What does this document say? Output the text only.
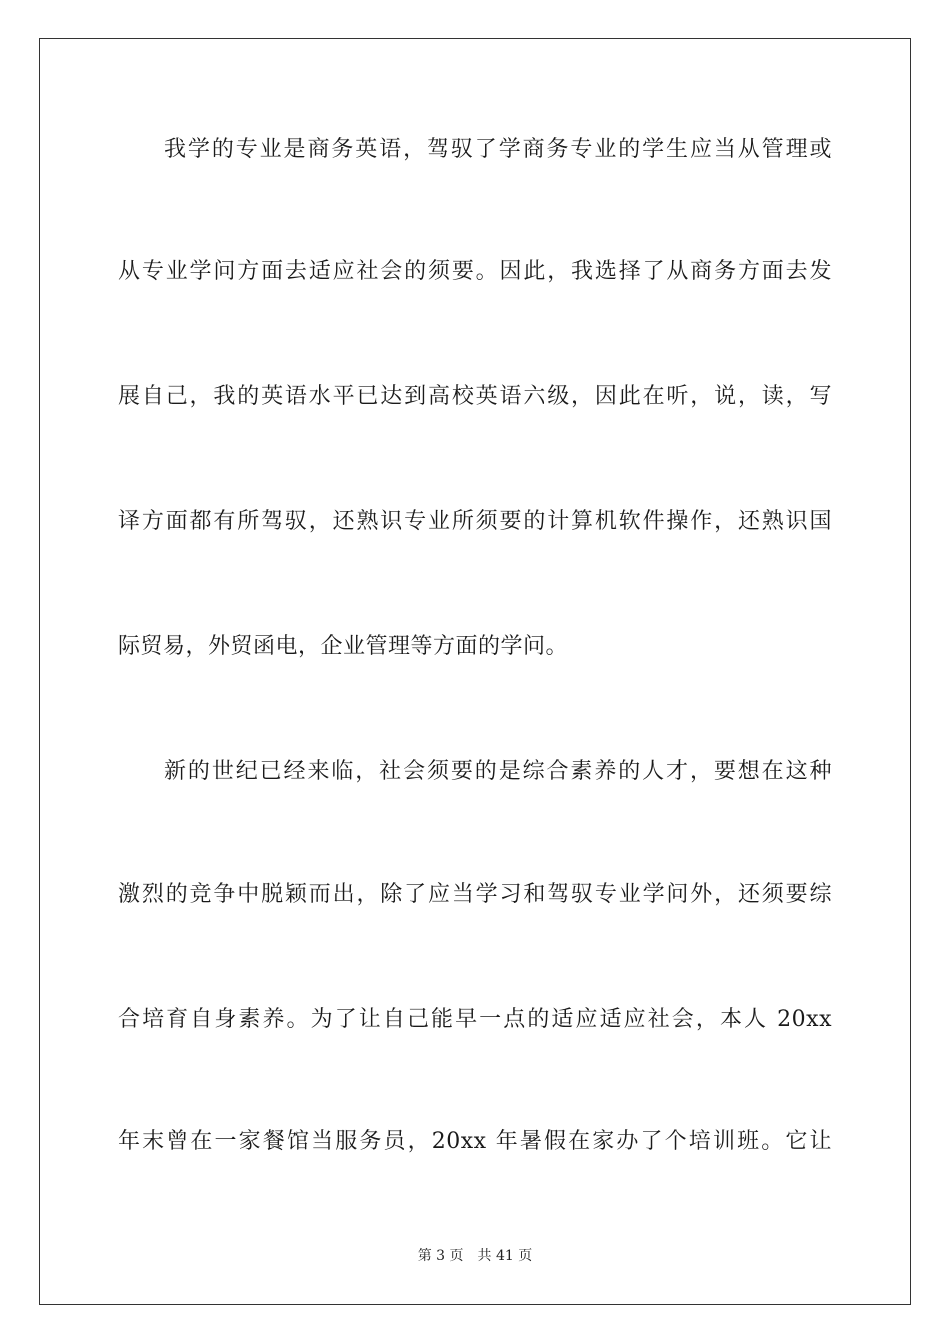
我学的专业是商务英语，驾驭了学商务专业的学生应当从管理或
从专业学问方面去适应社会的须要。因此，我选择了从商务方面去发
展自己，我的英语水平已达到高校英语六级，因此在听，说，读，写
译方面都有所驾驭，还熟识专业所须要的计算机软件操作，还熟识国
际贸易，外贸函电，企业管理等方面的学问。
新的世纪已经来临，社会须要的是综合素养的人才，要想在这种
激烈的竞争中脱颖而出，除了应当学习和驾驭专业学问外，还须要综
合培育自身素养。为了让自己能早一点的适应适应社会，本人 20xx
年末曾在一家餐馆当服务员，20xx 年暑假在家办了个培训班。它让
第 3 页 共 41 页
